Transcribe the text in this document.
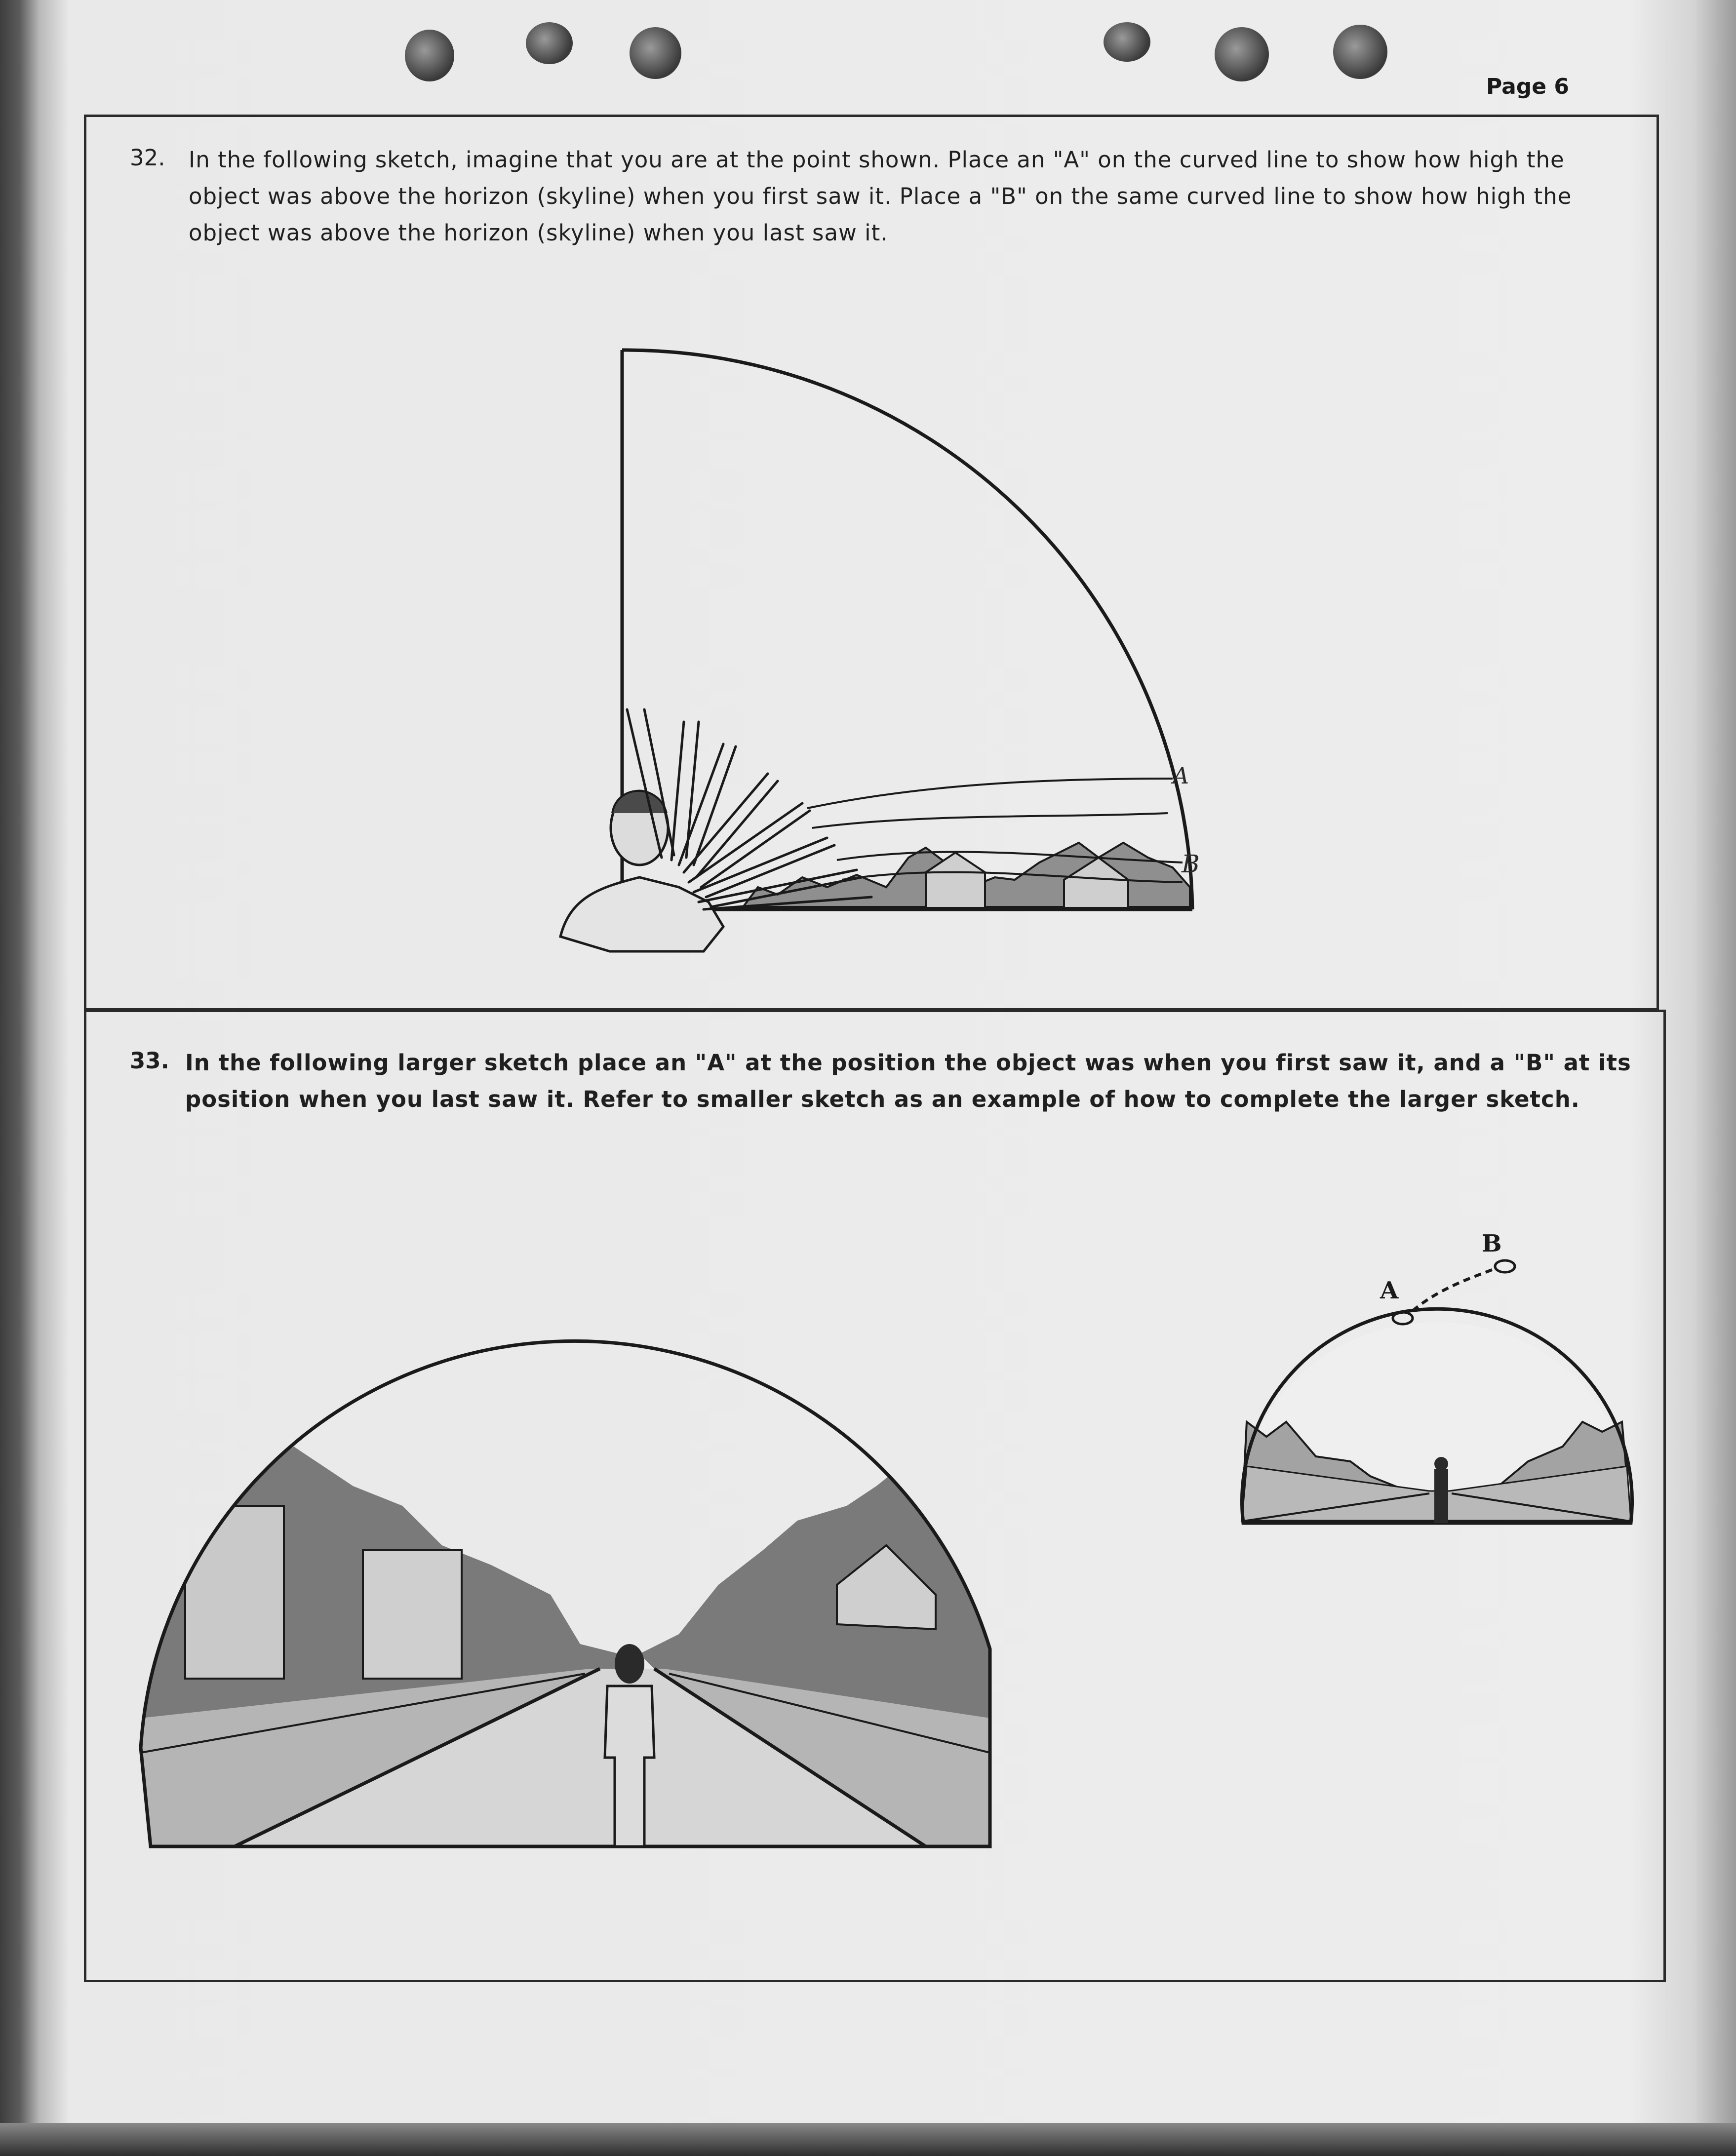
Page 6
32. In the following sketch, imagine that you are at the point shown. Place an "A" on the curved line to show how high the object was above the horizon (skyline) when you first saw it. Place a "B" on the same curved line to show how high the object was above the horizon (skyline) when you last saw it.
A
B
33. In the following larger sketch place an "A" at the position the object was when you first saw it, and a "B" at its position when you last saw it. Refer to smaller sketch as an example of how to complete the larger sketch.
A
B
